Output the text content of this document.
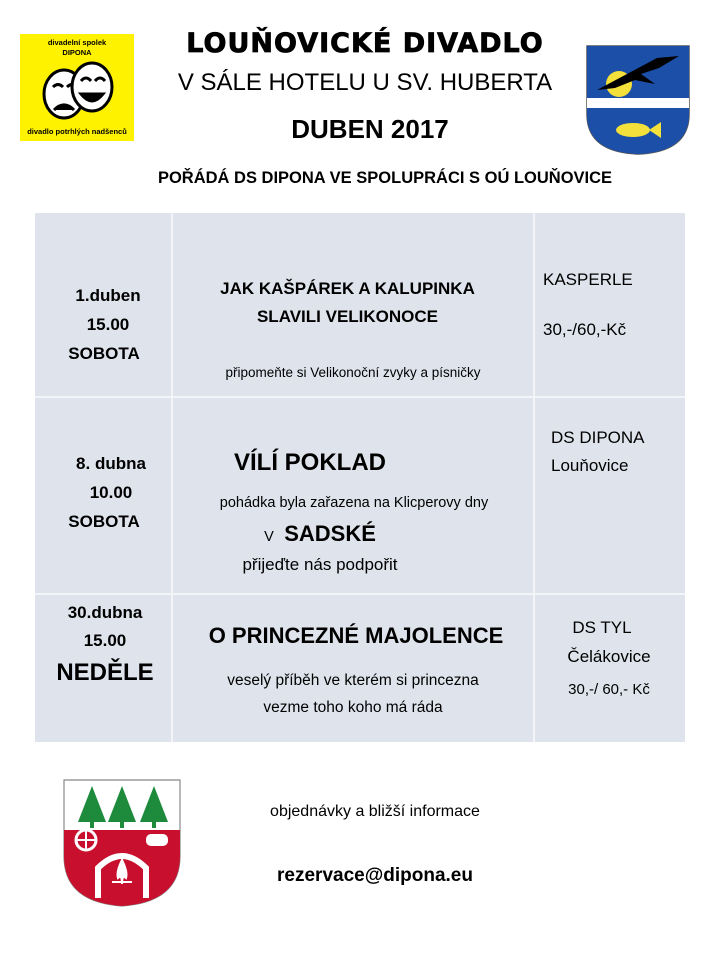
divadelní spolek
DIPONA
divadlo potrhlých nadšenců
LOUŇOVICKÉ DIVADLO
V SÁLE HOTELU U SV. HUBERTA
DUBEN 2017
POŘÁDÁ DS DIPONA VE SPOLUPRÁCI S OÚ LOUŇOVICE
1.duben
15.00
SOBOTA
JAK KAŠPÁREK A KALUPINKA
SLAVILI VELIKONOCE
připomeňte si Velikonoční zvyky a písničky
KASPERLE
30,-/60,-Kč
8. dubna
10.00
SOBOTA
VÍLÍ POKLAD
pohádka byla zařazena na Klicperovy dny
V SADSKÉ
přijeďte nás podpořit
DS DIPONA
Louňovice
30.dubna
15.00
NEDĚLE
O PRINCEZNÉ MAJOLENCE
veselý příběh ve kterém si princezna
vezme toho koho má ráda
DS TYL
Čelákovice
30,-/ 60,- Kč
objednávky a bližší informace
rezervace@dipona.eu
